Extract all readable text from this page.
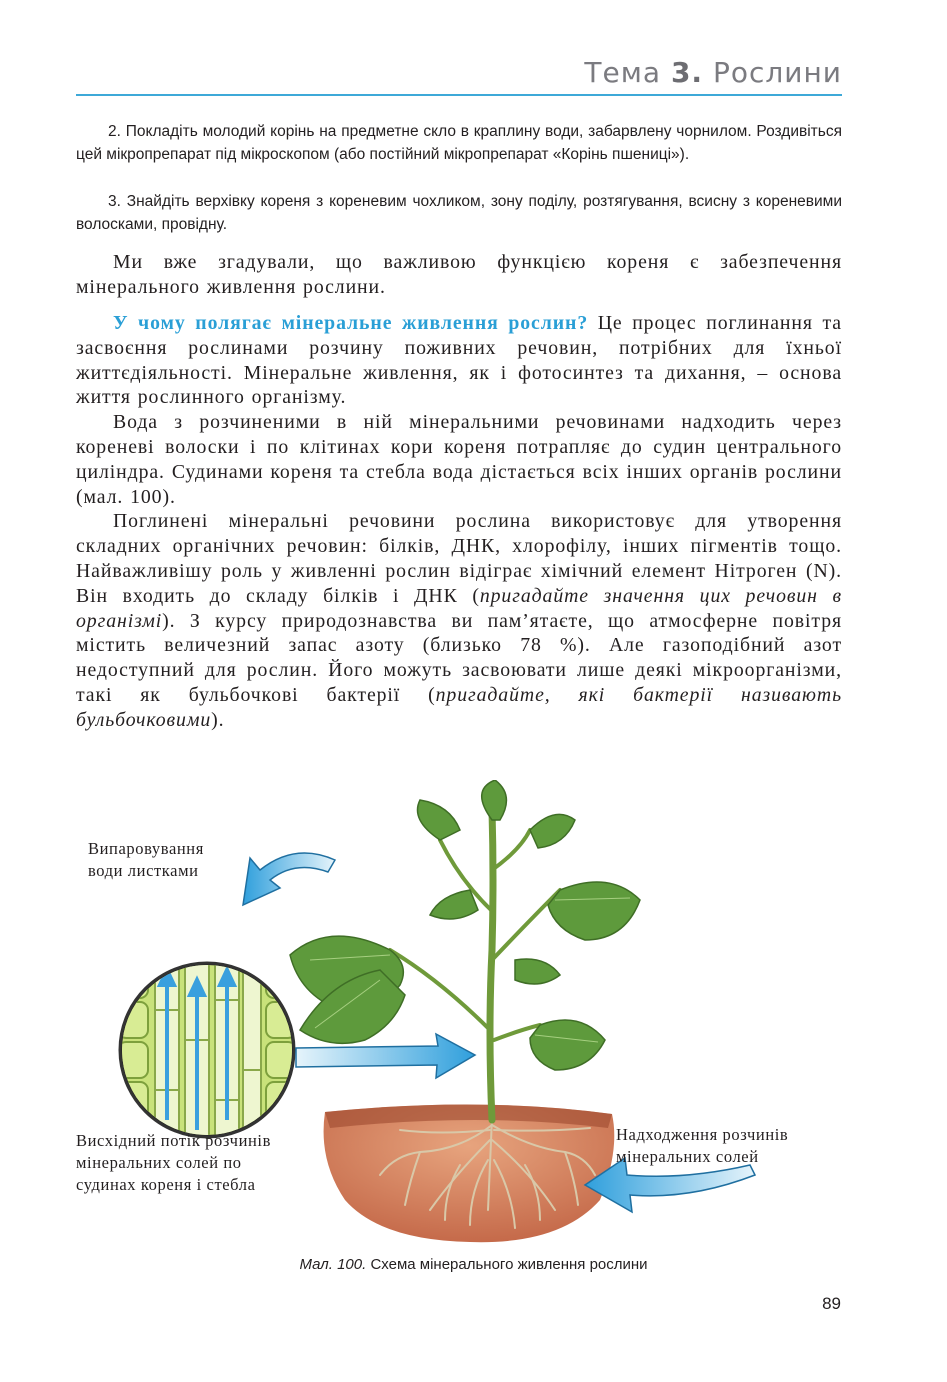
Тема 3. Рослини
2. Покладіть молодий корінь на предметне скло в краплину води, забарвлену чорнилом. Роздивіться цей мікропрепарат під мікроскопом (або постійний мікропрепарат «Корінь пшениці»).
3. Знайдіть верхівку кореня з кореневим чохликом, зону поділу, розтягування, всисну з кореневими волосками, провідну.

Ми вже згадували, що важливою функцією кореня є забезпечення мінерального живлення рослини.

У чому полягає мінеральне живлення рослин? Це процес поглинання та засвоєння рослинами розчину поживних речовин, потрібних для їхньої життєдіяльності. Мінеральне живлення, як і фотосинтез та дихання, – основа життя рослинного організму.

Вода з розчиненими в ній мінеральними речовинами надходить через кореневі волоски і по клітинах кори кореня потрапляє до судин центрального циліндра. Судинами кореня та стебла вода дістається всіх інших органів рослини (мал. 100).

Поглинені мінеральні речовини рослина використовує для утворення складних органічних речовин: білків, ДНК, хлорофілу, інших пігментів тощо. Найважливішу роль у живленні рослин відіграє хімічний елемент Нітроген (N). Він входить до складу білків і ДНК (пригадайте значення цих речовин в організмі). З курсу природознавства ви пам’ятаєте, що атмосферне повітря містить величезний запас азоту (близько 78 %). Але газоподібний азот недоступний для рослин. Його можуть засвоювати лише деякі мікроорганізми, такі як бульбочкові бактерії (пригадайте, які бактерії називають бульбочковими).

Випаровування
води листками
Висхідний потік розчинів
мінеральних солей по
судинах кореня і стебла
Надходження розчинів
мінеральних солей
Мал. 100. Схема мінерального живлення рослини
89
